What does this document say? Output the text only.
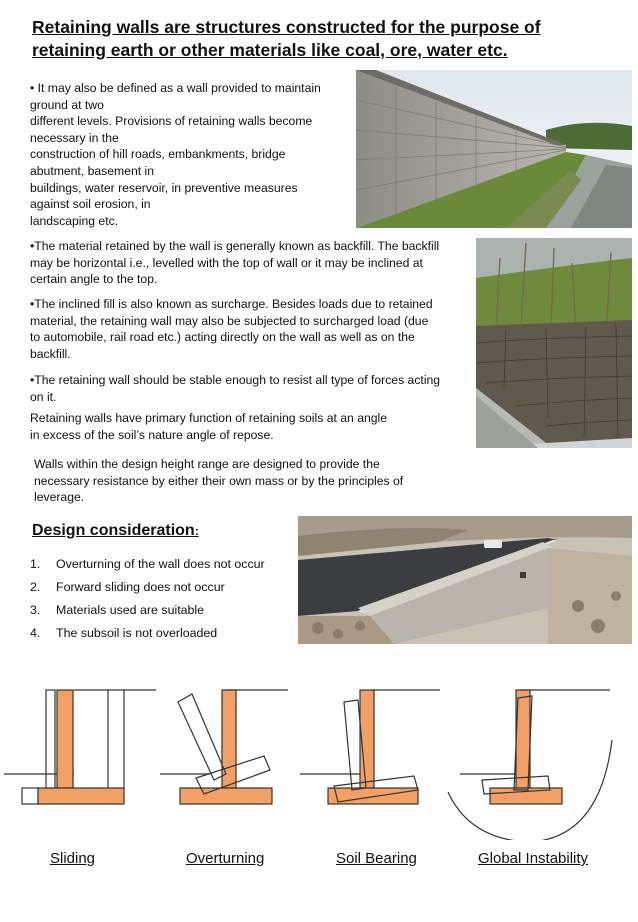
Retaining walls are structures constructed for the purpose of retaining earth or other materials like coal, ore, water etc.
• It may also be defined as a wall provided to maintain
ground at two
different levels. Provisions of retaining walls become
necessary in the
construction of hill roads, embankments, bridge
abutment, basement in
buildings, water reservoir, in preventive measures
against soil erosion, in
landscaping etc.
•The material retained by the wall is generally known as backfill. The backfill
may be horizontal i.e., levelled with the top of wall or it may be inclined at
certain angle to the top.
•The inclined fill is also known as surcharge. Besides loads due to retained
material, the retaining wall may also be subjected to surcharged load (due
to automobile, rail road etc.) acting directly on the wall as well as on the
backfill.
•The retaining wall should be stable enough to resist all type of forces acting
on it.
Retaining walls have primary function of retaining soils at an angle
in excess of the soil’s nature angle of repose.
Walls within the design height range are designed to provide the
necessary resistance by either their own mass or by the principles of
leverage.
Design consideration:
1. Overturning of the wall does not occur
2. Forward sliding does not occur
3. Materials used are suitable
4. The subsoil is not overloaded
Sliding	Overturning	Soil Bearing	Global Instability
